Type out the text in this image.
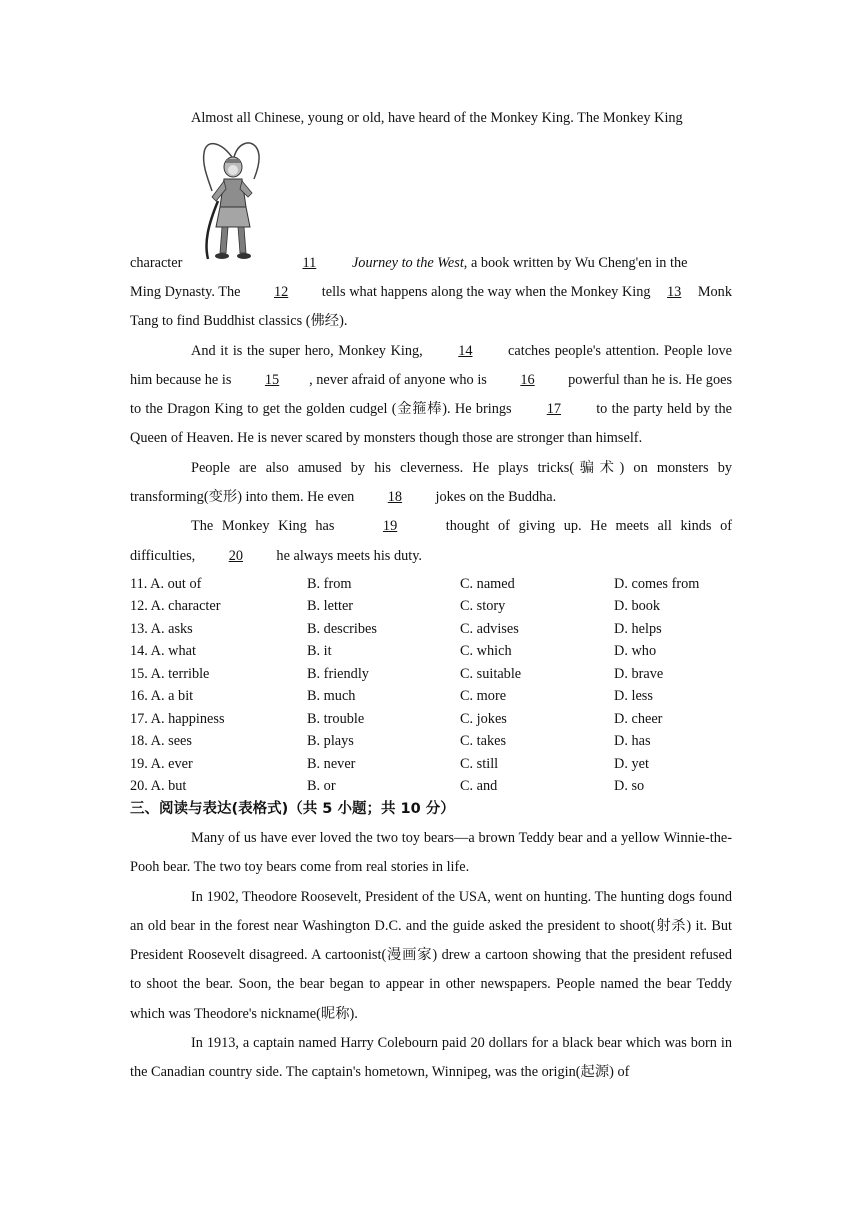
Almost all Chinese, young or old, have heard of the Monkey King. The Monkey King

character	11 Journey to the West, a book written by Wu Cheng'en in the

Ming Dynasty. The 12 tells what happens along the way when the Monkey King 13 Monk Tang to find Buddhist classics (佛经).

And it is the super hero, Monkey King, 14 catches people's attention. People love him because he is 15 , never afraid of anyone who is 16 powerful than he is. He goes to the Dragon King to get the golden cudgel (金箍棒). He brings 17 to the party held by the Queen of Heaven. He is never scared by monsters though those are stronger than himself.

People are also amused by his cleverness. He plays tricks(骗术) on monsters by transforming(变形) into them. He even 18 jokes on the Buddha.

The Monkey King has	19	thought of giving up. He meets all kinds of difficulties, 20 he always meets his duty.

11. A. out of	B. from	C. named	D. comes from
12. A. character	B. letter	C. story	D. book
13. A. asks	B. describes	C. advises	D. helps
14. A. what	B. it	C. which	D. who
15. A. terrible	B. friendly	C. suitable	D. brave
16. A. a bit	B. much	C. more	D. less
17. A. happiness	B. trouble	C. jokes	D. cheer
18. A. sees	B. plays	C. takes	D. has
19. A. ever	B. never	C. still	D. yet
20. A. but	B. or	C. and	D. so

三、阅读与表达(表格式)（共 5 小题；共 10 分）

Many of us have ever loved the two toy bears—a brown Teddy bear and a yellow Winnie-the-Pooh bear. The two toy bears come from real stories in life.

In 1902, Theodore Roosevelt, President of the USA, went on hunting. The hunting dogs found an old bear in the forest near Washington D.C. and the guide asked the president to shoot(射杀) it. But President Roosevelt disagreed. A cartoonist(漫画家) drew a cartoon showing that the president refused to shoot the bear. Soon, the bear began to appear in other newspapers. People named the bear Teddy which was Theodore's nickname(昵称).

In 1913, a captain named Harry Colebourn paid 20 dollars for a black bear which was born in the Canadian country side. The captain's hometown, Winnipeg, was the origin(起源) of
